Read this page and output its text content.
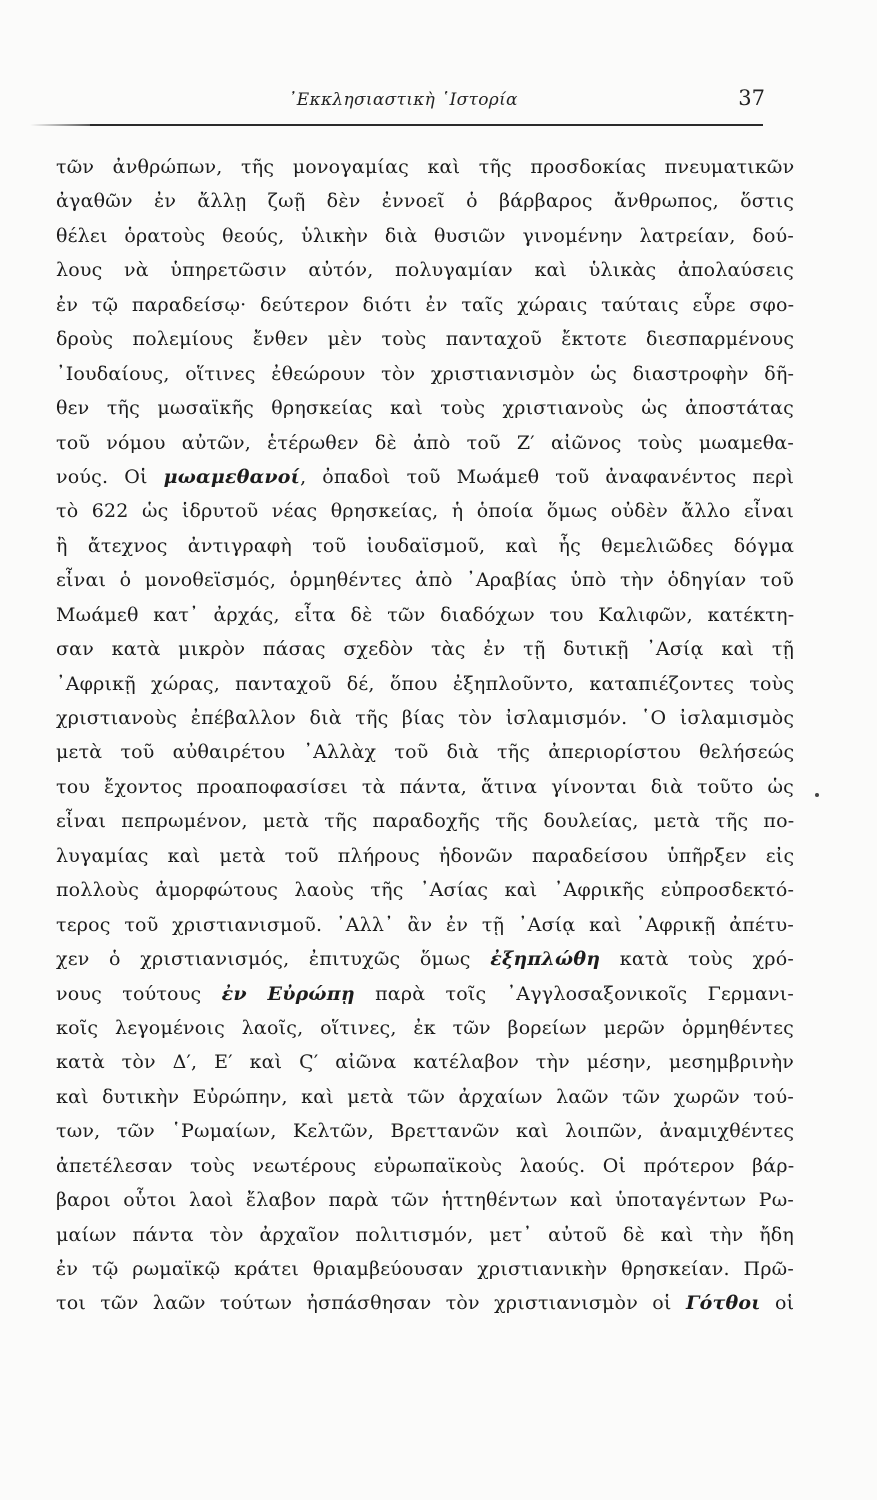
᾿Εκκλησιαστικὴ ῾Ιστορία	37
τῶν ἀνθρώπων, τῆς μονογαμίας καὶ τῆς προσδοκίας πνευματικῶν
ἀγαθῶν ἐν ἄλλῃ ζωῇ δὲν ἐννοεῖ ὁ βάρβαρος ἄνθρωπος, ὅστις
θέλει ὁρατοὺς θεούς, ὑλικὴν διὰ θυσιῶν γινομένην λατρείαν, δού-
λους νὰ ὑπηρετῶσιν αὐτόν, πολυγαμίαν καὶ ὑλικὰς ἀπολαύσεις
ἐν τῷ παραδείσῳ· δεύτερον διότι ἐν ταῖς χώραις ταύταις εὗρε σφο-
δροὺς πολεμίους ἔνθεν μὲν τοὺς πανταχοῦ ἔκτοτε διεσπαρμένους
᾿Ιουδαίους, οἵτινες ἐθεώρουν τὸν χριστιανισμὸν ὡς διαστροφὴν δῆ-
θεν τῆς μωσαϊκῆς θρησκείας καὶ τοὺς χριστιανοὺς ὡς ἀποστάτας
τοῦ νόμου αὐτῶν, ἑτέρωθεν δὲ ἀπὸ τοῦ Ζ′ αἰῶνος τοὺς μωαμεθα-
νούς. Οἱ μωαμεθανοί, ὀπαδοὶ τοῦ Μωάμεθ τοῦ ἀναφανέντος περὶ
τὸ 622 ὡς ἱδρυτοῦ νέας θρησκείας, ἡ ὁποία ὅμως οὐδὲν ἄλλο εἶναι
ἢ ἄτεχνος ἀντιγραφὴ τοῦ ἰουδαϊσμοῦ, καὶ ἧς θεμελιῶδες δόγμα
εἶναι ὁ μονοθεϊσμός, ὁρμηθέντες ἀπὸ ᾿Αραβίας ὑπὸ τὴν ὁδηγίαν τοῦ
Μωάμεθ κατ᾿ ἀρχάς, εἶτα δὲ τῶν διαδόχων του Καλιφῶν, κατέκτη-
σαν κατὰ μικρὸν πάσας σχεδὸν τὰς ἐν τῇ δυτικῇ ᾿Ασίᾳ καὶ τῇ
᾿Αφρικῇ χώρας, πανταχοῦ δέ, ὅπου ἐξηπλοῦντο, καταπιέζοντες τοὺς
χριστιανοὺς ἐπέβαλλον διὰ τῆς βίας τὸν ἰσλαμισμόν. ῾Ο ἰσλαμισμὸς
μετὰ τοῦ αὐθαιρέτου ᾿Αλλὰχ τοῦ διὰ τῆς ἀπεριορίστου θελήσεώς
του ἔχοντος προαποφασίσει τὰ πάντα, ἅτινα γίνονται διὰ τοῦτο ὡς
εἶναι πεπρωμένον, μετὰ τῆς παραδοχῆς τῆς δουλείας, μετὰ τῆς πο-
λυγαμίας καὶ μετὰ τοῦ πλήρους ἡδονῶν παραδείσου ὑπῆρξεν εἰς
πολλοὺς ἀμορφώτους λαοὺς τῆς ᾿Ασίας καὶ ᾿Αφρικῆς εὐπροσδεκτό-
τερος τοῦ χριστιανισμοῦ. ᾿Αλλ᾿ ἂν ἐν τῇ ᾿Ασίᾳ καὶ ᾿Αφρικῇ ἀπέτυ-
χεν ὁ χριστιανισμός, ἐπιτυχῶς ὅμως ἐξηπλώθη κατὰ τοὺς χρό-
νους τούτους ἐν Εὐρώπῃ παρὰ τοῖς ᾿Αγγλοσαξονικοῖς Γερμανι-
κοῖς λεγομένοις λαοῖς, οἵτινες, ἐκ τῶν βορείων μερῶν ὁρμηθέντες
κατὰ τὸν Δ′, Ε′ καὶ Ϛ′ αἰῶνα κατέλαβον τὴν μέσην, μεσημβρινὴν
καὶ δυτικὴν Εὐρώπην, καὶ μετὰ τῶν ἀρχαίων λαῶν τῶν χωρῶν τού-
των, τῶν ῾Ρωμαίων, Κελτῶν, Βρεττανῶν καὶ λοιπῶν, ἀναμιχθέντες
ἀπετέλεσαν τοὺς νεωτέρους εὐρωπαϊκοὺς λαούς. Οἱ πρότερον βάρ-
βαροι οὗτοι λαοὶ ἔλαβον παρὰ τῶν ἡττηθέντων καὶ ὑποταγέντων Ρω-
μαίων πάντα τὸν ἀρχαῖον πολιτισμόν, μετ᾿ αὐτοῦ δὲ καὶ τὴν ἤδη
ἐν τῷ ρωμαϊκῷ κράτει θριαμβεύουσαν χριστιανικὴν θρησκείαν. Πρῶ-
τοι τῶν λαῶν τούτων ἠσπάσθησαν τὸν χριστιανισμὸν οἱ Γότθοι οἱ
